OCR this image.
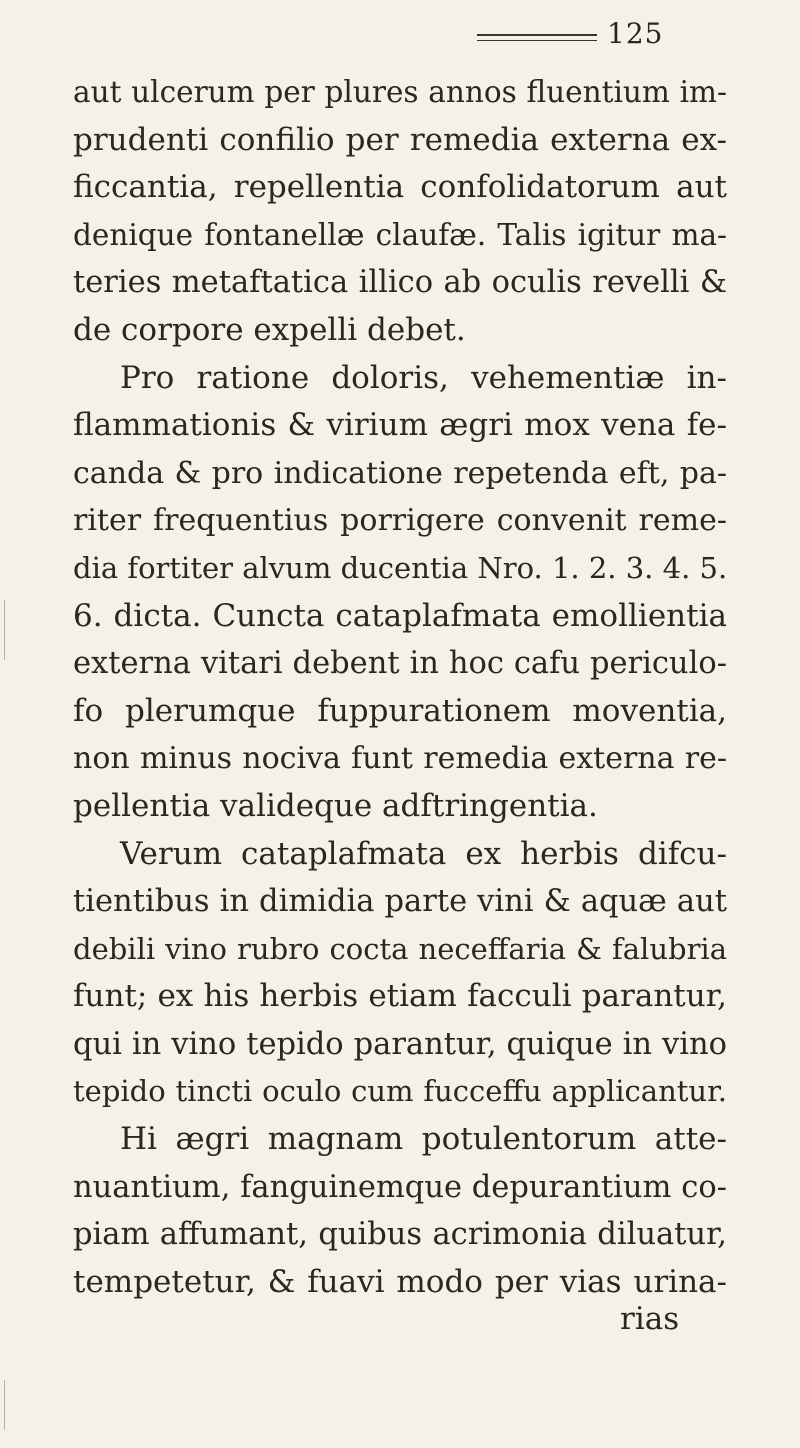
125
aut ulcerum per plures annos fluentium im-
prudenti confilio per remedia externa ex-
ficcantia, repellentia confolidatorum aut
denique fontanellæ claufæ. Talis igitur ma-
teries metaftatica illico ab oculis revelli &
de corpore expelli debet.
Pro ratione doloris, vehementiæ in-
flammationis & virium ægri mox vena fe-
canda & pro indicatione repetenda eft, pa-
riter frequentius porrigere convenit reme-
dia fortiter alvum ducentia Nro. 1. 2. 3. 4. 5.
6. dicta. Cuncta cataplafmata emollientia
externa vitari debent in hoc cafu periculo-
fo plerumque fuppurationem moventia,
non minus nociva funt remedia externa re-
pellentia valideque adftringentia.
Verum cataplafmata ex herbis difcu-
tientibus in dimidia parte vini & aquæ aut
debili vino rubro cocta neceffaria & falubria
funt; ex his herbis etiam facculi parantur,
qui in vino tepido parantur, quique in vino
tepido tincti oculo cum fucceffu applicantur.
Hi ægri magnam potulentorum atte-
nuantium, fanguinemque depurantium co-
piam affumant, quibus acrimonia diluatur,
tempetetur, & fuavi modo per vias urina-
rias
